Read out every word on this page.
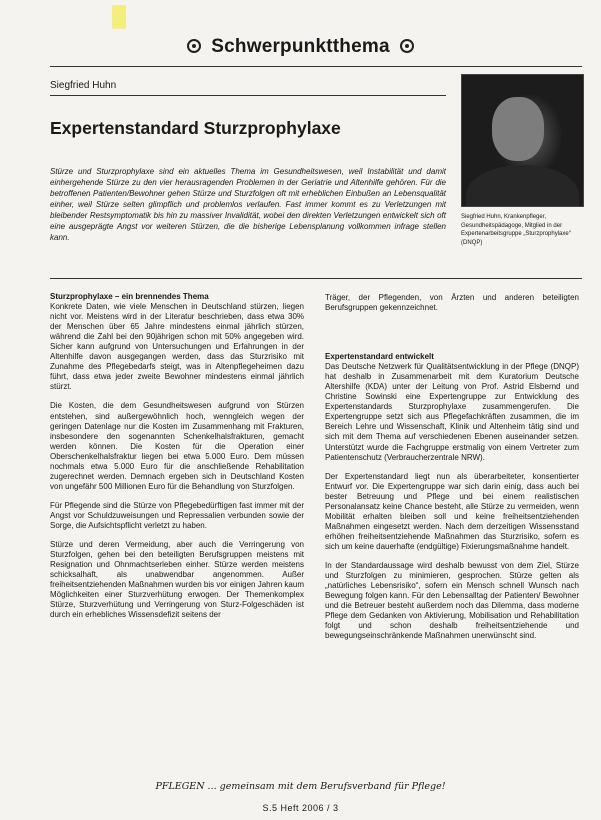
Schwerpunktthema
Siegfried Huhn
Expertenstandard Sturzprophylaxe
Siegfried Huhn, Krankenpfleger, Gesundheitspädagoge, Mitglied in der Expertenarbeitsgruppe „Sturzprophylaxe“ (DNQP)
Stürze und Sturzprophylaxe sind ein aktuelles Thema im Gesundheitswesen, weil Instabilität und damit einhergehende Stürze zu den vier herausragenden Problemen in der Geriatrie und Altenhilfe gehören. Für die betroffenen Patienten/Bewohner gehen Stürze und Sturzfolgen oft mit erheblichen Einbußen an Lebensqualität einher, weil Stürze selten glimpflich und problemlos verlaufen. Fast immer kommt es zu Verletzungen mit bleibender Restsymptomatik bis hin zu massiver Invalidität, wobei den direkten Verletzungen entwickelt sich oft eine ausgeprägte Angst vor weiteren Stürzen, die die bisherige Lebensplanung vollkommen infrage stellen kann.
Sturzprophylaxe – ein brennendes Thema

Konkrete Daten, wie viele Menschen in Deutschland stürzen, liegen nicht vor. Meistens wird in der Literatur beschrieben, dass etwa 30% der Menschen über 65 Jahre mindestens einmal jährlich stürzen, während die Zahl bei den 90jährigen schon mit 50% angegeben wird. Sicher kann aufgrund von Untersuchungen und Erfahrungen in der Altenhilfe davon ausgegangen werden, dass das Sturzrisiko mit Zunahme des Pflegebedarfs steigt, was in Altenpflegeheimen dazu führt, dass etwa jeder zweite Bewohner mindestens einmal jährlich stürzt.

Die Kosten, die dem Gesundheitswesen aufgrund von Stürzen entstehen, sind außergewöhnlich hoch, wenngleich wegen der geringen Datenlage nur die Kosten im Zusammenhang mit Frakturen, insbesondere den sogenannten Schenkelhalsfrakturen, gemacht werden können. Die Kosten für die Operation einer Oberschenkelhalsfraktur liegen bei etwa 5.000 Euro. Dem müssen nochmals etwa 5.000 Euro für die anschließende Rehabilitation zugerechnet werden. Demnach ergeben sich in Deutschland Kosten von ungefähr 500 Millionen Euro für die Behandlung von Sturzfolgen.

Für Pflegende sind die Stürze von Pflegebedürftigen fast immer mit der Angst vor Schuldzuweisungen und Repressalien verbunden sowie der Sorge, die Aufsichtspflicht verletzt zu haben.

Stürze und deren Vermeidung, aber auch die Verringerung von Sturzfolgen, gehen bei den beteiligten Berufsgruppen meistens mit Resignation und Ohnmachtserleben einher. Stürze werden meistens schicksalhaft, als unabwendbar angenommen. Außer freiheitsentziehenden Maßnahmen wurden bis vor einigen Jahren kaum Möglichkeiten einer Sturzverhütung erwogen. Der Themenkomplex Stürze, Sturzverhütung und Verringerung von Sturz-Folgeschäden ist durch ein erhebliches Wissensdefizit seitens der

Träger, der Pflegenden, von Ärzten und anderen beteiligten Berufsgruppen gekennzeichnet.

Expertenstandard entwickelt

Das Deutsche Netzwerk für Qualitätsentwicklung in der Pflege (DNQP) hat deshalb in Zusammenarbeit mit dem Kuratorium Deutsche Altershilfe (KDA) unter der Leitung von Prof. Astrid Elsbernd und Christine Sowinski eine Expertengruppe zur Entwicklung des Expertenstandards Sturzprophylaxe zusammengerufen. Die Expertengruppe setzt sich aus Pflegefachkräften zusammen, die im Bereich Lehre und Wissenschaft, Klinik und Altenheim tätig sind und sich mit dem Thema auf verschiedenen Ebenen auseinander setzen. Unterstützt wurde die Fachgruppe erstmalig von einem Vertreter zum Patientenschutz (Verbraucherzentrale NRW).

Der Expertenstandard liegt nun als überarbeiteter, konsentierter Entwurf vor. Die Expertengruppe war sich darin einig, dass auch bei bester Betreuung und Pflege und bei einem realistischen Personalansatz keine Chance besteht, alle Stürze zu vermeiden, wenn Mobilität erhalten bleiben soll und keine freiheitsentziehenden Maßnahmen eingesetzt werden. Nach dem derzeitigen Wissensstand erhöhen freiheitsentziehende Maßnahmen das Sturzrisiko, sofern es sich um keine dauerhafte (endgültige) Fixierungsmaßnahme handelt.

In der Standardaussage wird deshalb bewusst von dem Ziel, Stürze und Sturzfolgen zu minimieren, gesprochen. Stürze gelten als „natürliches Lebensrisiko“, sofern ein Mensch schnell Wunsch nach Bewegung folgen kann. Für den Lebensalltag der Patienten/ Bewohner und die Betreuer besteht außerdem noch das Dilemma, dass moderne Pflege dem Gedanken von Aktivierung, Mobilisation und Rehabilitation folgt und schon deshalb freiheitsentziehende und bewegungseinschränkende Maßnahmen unerwünscht sind.

PFLEGEN ... gemeinsam mit dem Berufsverband für Pflege!
S.5 Heft 2006 / 3
